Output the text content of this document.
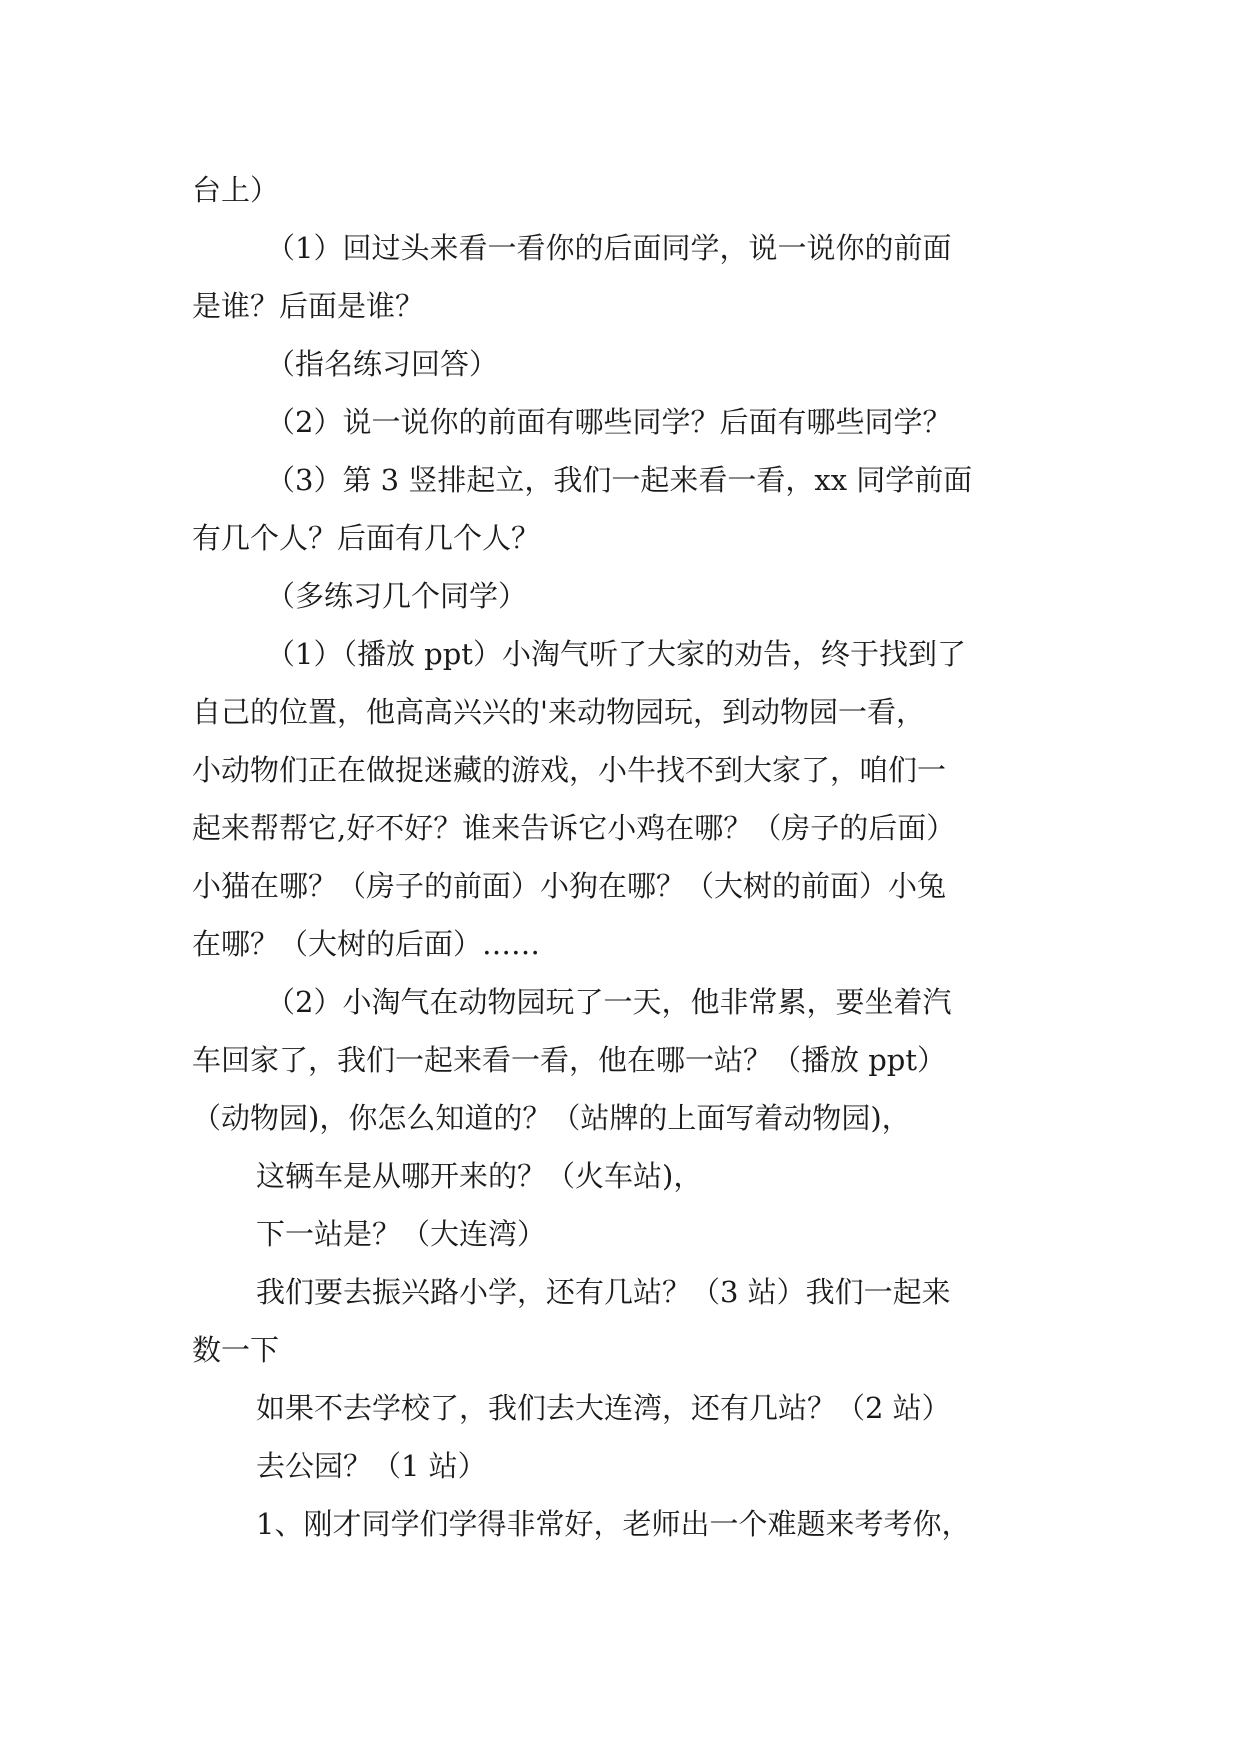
台上）
（1）回过头来看一看你的后面同学，说一说你的前面
是谁？后面是谁？
（指名练习回答）
（2）说一说你的前面有哪些同学？后面有哪些同学？
（3）第 3 竖排起立，我们一起来看一看，xx 同学前面
有几个人？后面有几个人？
（多练习几个同学）
（1）（播放 ppt）小淘气听了大家的劝告，终于找到了
自己的位置，他高高兴兴的'来动物园玩，到动物园一看，
小动物们正在做捉迷藏的游戏，小牛找不到大家了，咱们一
起来帮帮它,好不好？谁来告诉它小鸡在哪？（房子的后面）
小猫在哪？（房子的前面）小狗在哪？（大树的前面）小兔
在哪？（大树的后面）……
（2）小淘气在动物园玩了一天，他非常累，要坐着汽
车回家了，我们一起来看一看，他在哪一站？（播放 ppt）
（动物园)，你怎么知道的？（站牌的上面写着动物园)，
这辆车是从哪开来的？（火车站)，
下一站是？（大连湾）
我们要去振兴路小学，还有几站？（3 站）我们一起来
数一下
如果不去学校了，我们去大连湾，还有几站？（2 站）
去公园？（1 站）
1、刚才同学们学得非常好，老师出一个难题来考考你，
